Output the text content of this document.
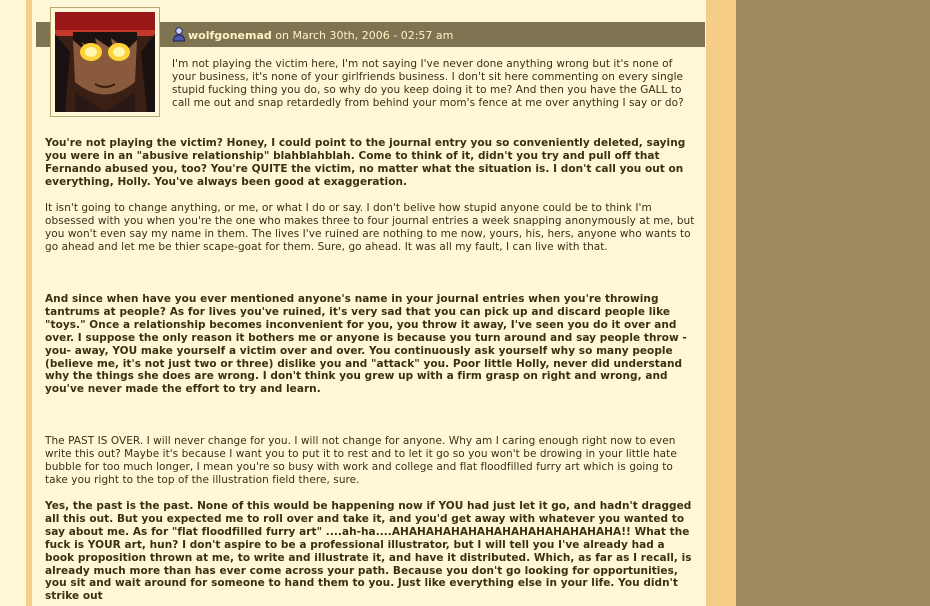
wolfgonemad on March 30th, 2006 - 02:57 am
I'm not playing the victim here, I'm not saying I've never done anything wrong but it's none of your business, it's none of your girlfriends business. I don't sit here commenting on every single stupid fucking thing you do, so why do you keep doing it to me? And then you have the GALL to call me out and snap retardedly from behind your mom's fence at me over anything I say or do?
You're not playing the victim? Honey, I could point to the journal entry you so conveniently deleted, saying you were in an "abusive relationship" blahblahblah. Come to think of it, didn't you try and pull off that Fernando abused you, too? You're QUITE the victim, no matter what the situation is. I don't call you out on everything, Holly. You've always been good at exaggeration.
It isn't going to change anything, or me, or what I do or say. I don't belive how stupid anyone could be to think I'm obsessed with you when you're the one who makes three to four journal entries a week snapping anonymously at me, but you won't even say my name in them. The lives I've ruined are nothing to me now, yours, his, hers, anyone who wants to go ahead and let me be thier scape-goat for them. Sure, go ahead. It was all my fault, I can live with that.
And since when have you ever mentioned anyone's name in your journal entries when you're throwing tantrums at people? As for lives you've ruined, it's very sad that you can pick up and discard people like "toys." Once a relationship becomes inconvenient for you, you throw it away, I've seen you do it over and over. I suppose the only reason it bothers me or anyone is because you turn around and say people throw -you- away, YOU make yourself a victim over and over. You continuously ask yourself why so many people (believe me, it's not just two or three) dislike you and "attack" you. Poor little Holly, never did understand why the things she does are wrong. I don't think you grew up with a firm grasp on right and wrong, and you've never made the effort to try and learn.
The PAST IS OVER. I will never change for you. I will not change for anyone. Why am I caring enough right now to even write this out? Maybe it's because I want you to put it to rest and to let it go so you won't be drowing in your little hate bubble for too much longer, I mean you're so busy with work and college and flat floodfilled furry art which is going to take you right to the top of the illustration field there, sure.
Yes, the past is the past. None of this would be happening now if YOU had just let it go, and hadn't dragged all this out. But you expected me to roll over and take it, and you'd get away with whatever you wanted to say about me. As for "flat floodfilled furry art" ....ah-ha....AHAHAHAHAHAHAHAHAHAHAHAHAHA!! What the fuck is YOUR art, hun? I don't aspire to be a professional illustrator, but I will tell you I've already had a book proposition thrown at me, to write and illustrate it, and have it distributed. Which, as far as I recall, is already much more than has ever come across your path. Because you don't go looking for opportunities, you sit and wait around for someone to hand them to you. Just like everything else in your life. You didn't strike out
